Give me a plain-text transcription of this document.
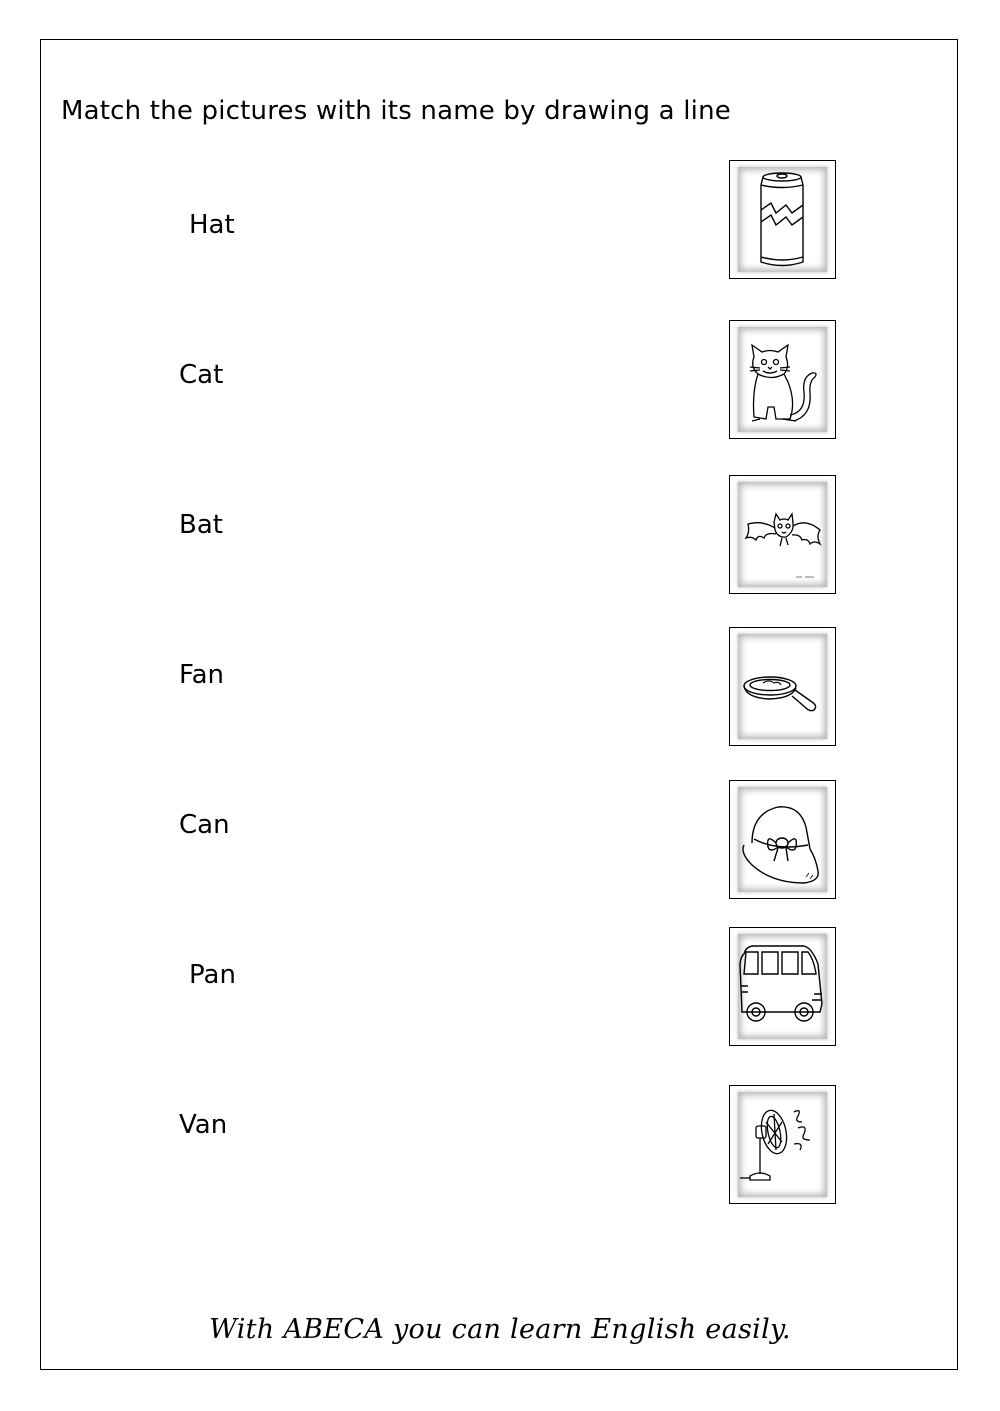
Match the pictures with its name by drawing a line
Hat
Cat
Bat
Fan
Can
Pan
Van
With ABECA you can learn English easily.
